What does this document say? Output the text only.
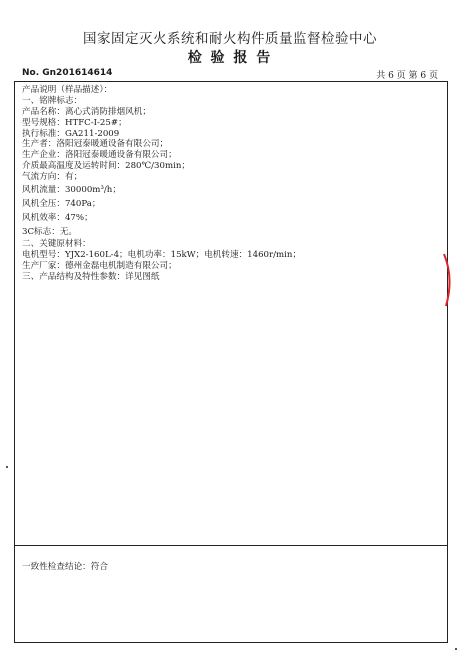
国家固定灭火系统和耐火构件质量监督检验中心
检 验 报 告
No. Gn201614614	共 6 页 第 6 页
产品说明（样品描述）：
一、铭牌标志：
产品名称：离心式消防排烟风机；
型号规格：HTFC-Ⅰ-25#；
执行标准：GA211-2009
生产者：洛阳冠泰暖通设备有限公司；
生产企业：洛阳冠泰暖通设备有限公司；
介质最高温度及运转时间：280℃/30min；
气流方向：有；
风机流量：30000m³/h；
风机全压：740Pa；
风机效率：47%；
3C标志：无。
二、关键原材料：
电机型号：YJX2-160L-4；电机功率：15kW；电机转速：1460r/min；
生产厂家：德州金磊电机制造有限公司；
三、产品结构及特性参数：详见图纸
一致性检查结论：符合
